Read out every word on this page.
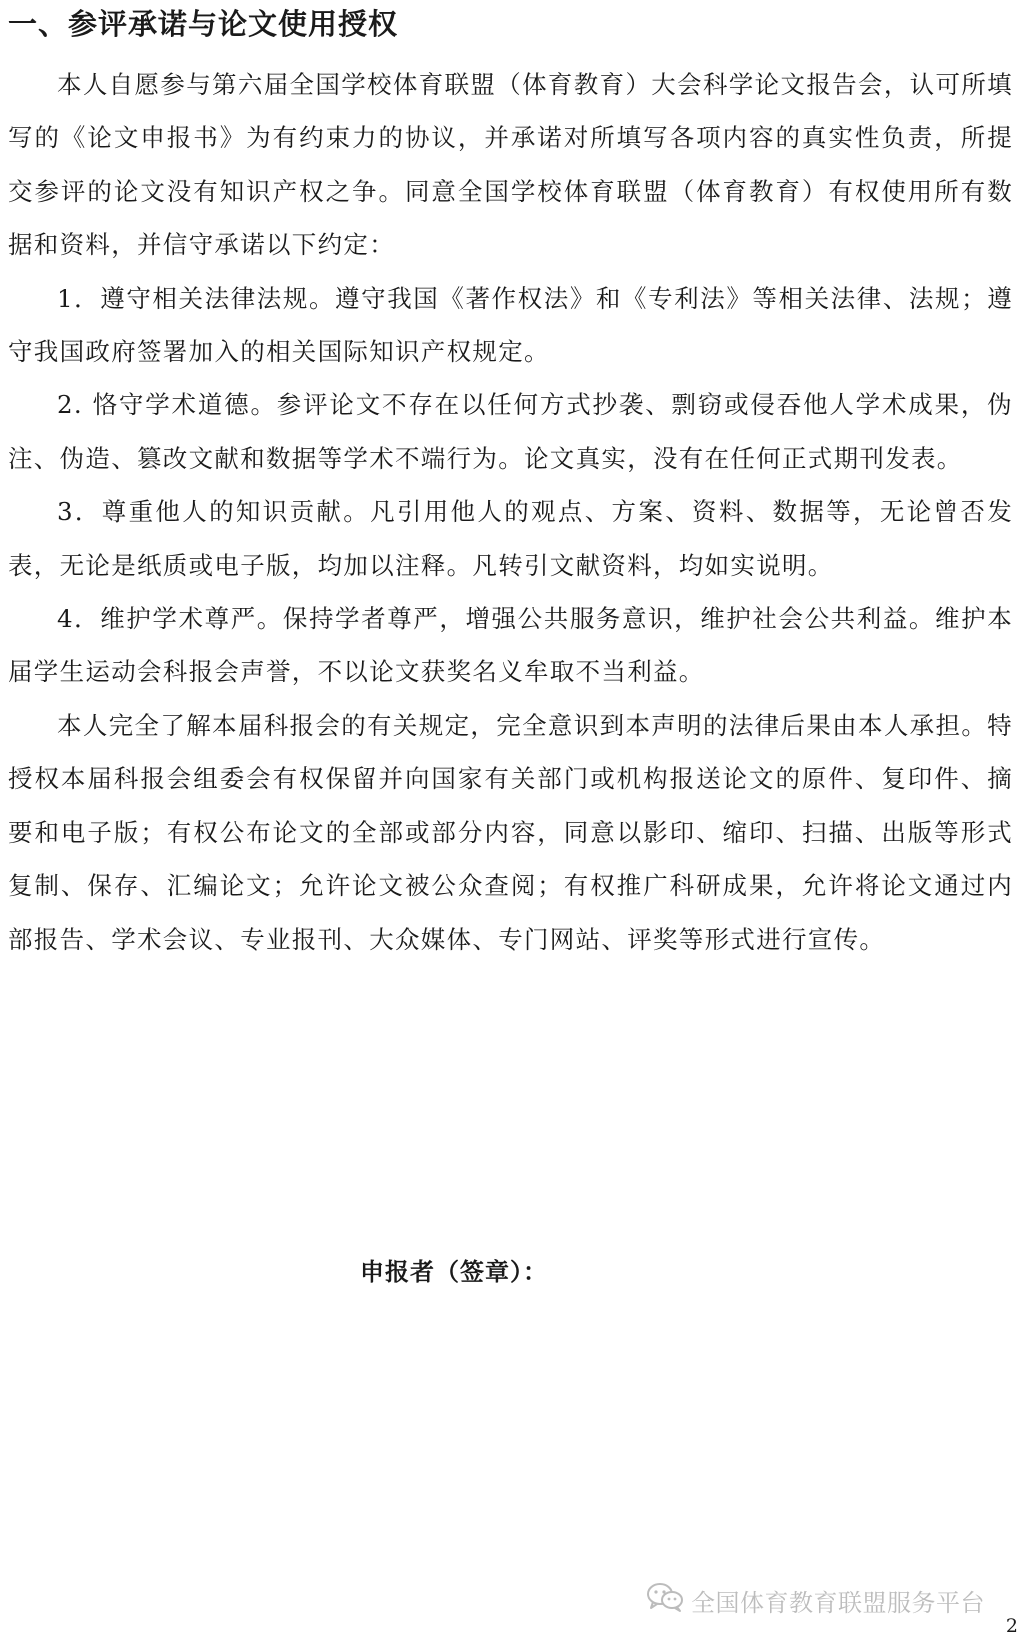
一、参评承诺与论文使用授权

本人自愿参与第六届全国学校体育联盟（体育教育）大会科学论文报告会，认可所填写的《论文申报书》为有约束力的协议，并承诺对所填写各项内容的真实性负责，所提交参评的论文没有知识产权之争。同意全国学校体育联盟（体育教育）有权使用所有数据和资料，并信守承诺以下约定：

1．遵守相关法律法规。遵守我国《著作权法》和《专利法》等相关法律、法规；遵守我国政府签署加入的相关国际知识产权规定。

2. 恪守学术道德。参评论文不存在以任何方式抄袭、剽窃或侵吞他人学术成果，伪注、伪造、篡改文献和数据等学术不端行为。论文真实，没有在任何正式期刊发表。

3．尊重他人的知识贡献。凡引用他人的观点、方案、资料、数据等，无论曾否发表，无论是纸质或电子版，均加以注释。凡转引文献资料，均如实说明。

4．维护学术尊严。保持学者尊严，增强公共服务意识，维护社会公共利益。维护本届学生运动会科报会声誉，不以论文获奖名义牟取不当利益。

本人完全了解本届科报会的有关规定，完全意识到本声明的法律后果由本人承担。特授权本届科报会组委会有权保留并向国家有关部门或机构报送论文的原件、复印件、摘要和电子版；有权公布论文的全部或部分内容，同意以影印、缩印、扫描、出版等形式复制、保存、汇编论文；允许论文被公众查阅；有权推广科研成果，允许将论文通过内部报告、学术会议、专业报刊、大众媒体、专门网站、评奖等形式进行宣传。

申报者（签章）：
全国体育教育联盟服务平台
2
